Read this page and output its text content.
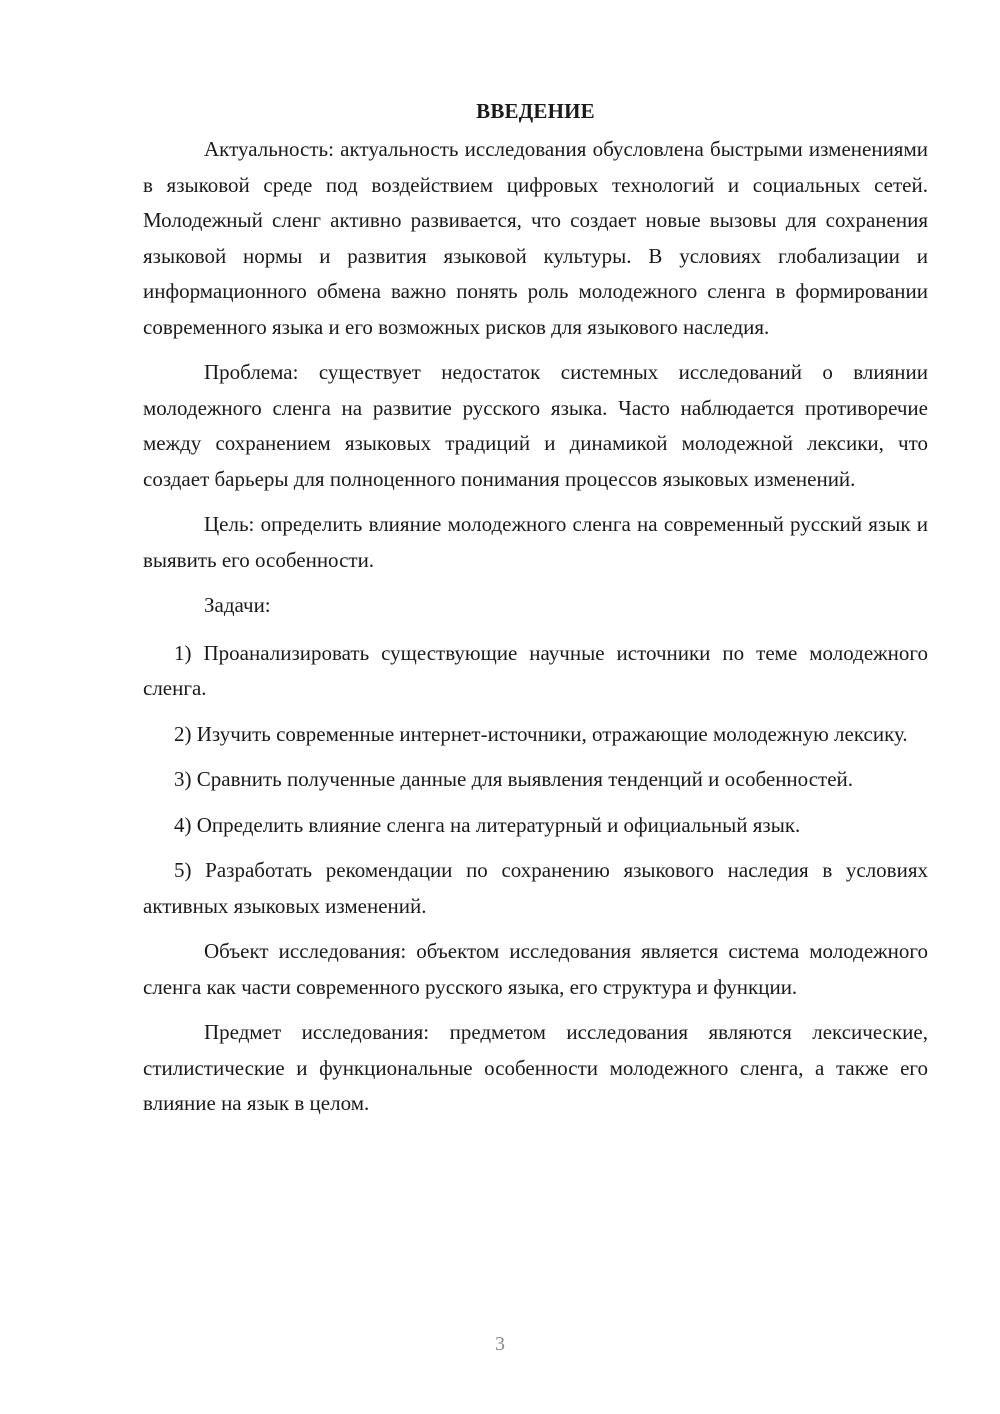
ВВЕДЕНИЕ

Актуальность: актуальность исследования обусловлена быстрыми изменениями в языковой среде под воздействием цифровых технологий и социальных сетей. Молодежный сленг активно развивается, что создает новые вызовы для сохранения языковой нормы и развития языковой культуры. В условиях глобализации и информационного обмена важно понять роль молодежного сленга в формировании современного языка и его возможных рисков для языкового наследия.

Проблема: существует недостаток системных исследований о влиянии молодежного сленга на развитие русского языка. Часто наблюдается противоречие между сохранением языковых традиций и динамикой молодежной лексики, что создает барьеры для полноценного понимания процессов языковых изменений.

Цель: определить влияние молодежного сленга на современный русский язык и выявить его особенности.

Задачи:

1) Проанализировать существующие научные источники по теме молодежного сленга.

2) Изучить современные интернет-источники, отражающие молодежную лексику.

3) Сравнить полученные данные для выявления тенденций и особенностей.

4) Определить влияние сленга на литературный и официальный язык.

5) Разработать рекомендации по сохранению языкового наследия в условиях активных языковых изменений.

Объект исследования: объектом исследования является система молодежного сленга как части современного русского языка, его структура и функции.

Предмет исследования: предметом исследования являются лексические, стилистические и функциональные особенности молодежного сленга, а также его влияние на язык в целом.

3
